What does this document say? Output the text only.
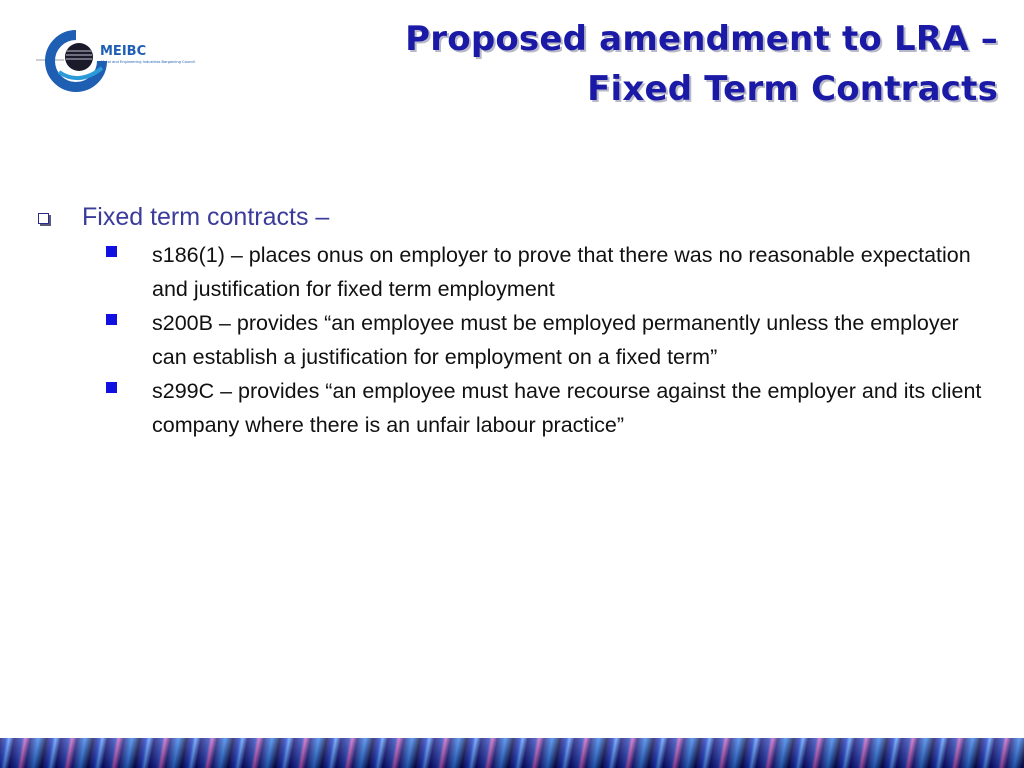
MEIBC
Metal and Engineering Industries Bargaining Council
Proposed amendment to LRA –
Fixed Term Contracts
Fixed term contracts –
s186(1) – places onus on employer to prove that there was no reasonable expectation and justification for fixed term employment
s200B – provides “an employee must be employed permanently unless the employer can establish a justification for employment on a fixed term”
s299C – provides “an employee must have recourse against the employer and its client company where there is an unfair labour practice”
